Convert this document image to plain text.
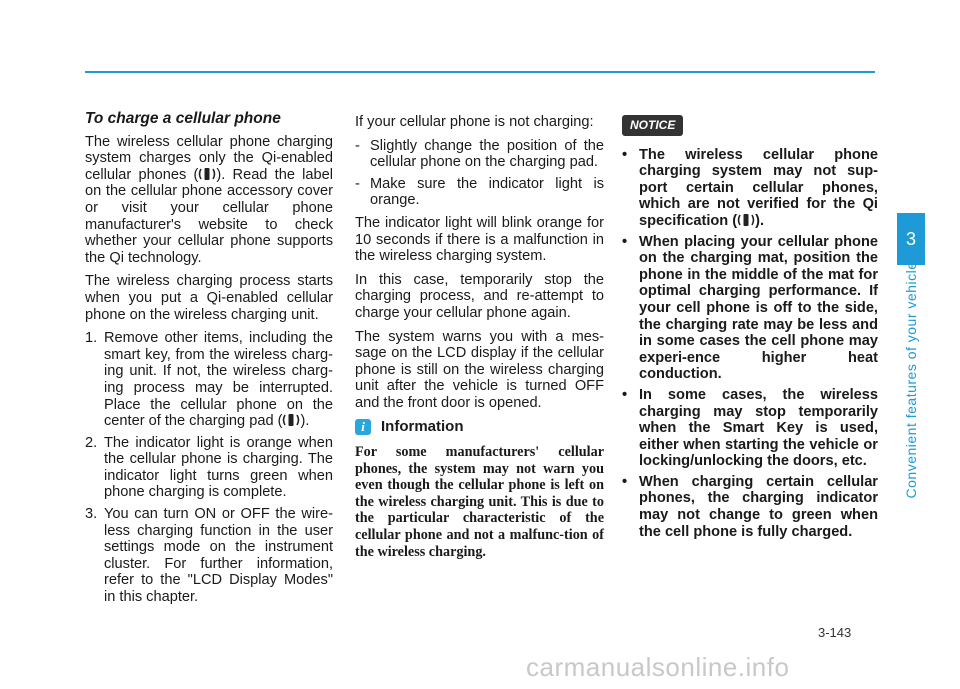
To charge a cellular phone

The wireless cellular phone charging system charges only the Qi-enabled cellular phones ( ). Read the label on the cellular phone accessory cover or visit your cellular phone manufacturer's website to check whether your cellular phone supports the Qi technology.

The wireless charging process starts when you put a Qi-enabled cellular phone on the wireless charging unit.

1. Remove other items, including the smart key, from the wireless charg-ing unit. If not, the wireless charg-ing process may be interrupted. Place the cellular phone on the center of the charging pad ( ).
2. The indicator light is orange when the cellular phone is charging. The indicator light turns green when phone charging is complete.
3. You can turn ON or OFF the wire-less charging function in the user settings mode on the instrument cluster. For further information, refer to the "LCD Display Modes" in this chapter.

If your cellular phone is not charging:

- Slightly change the position of the cellular phone on the charging pad.
- Make sure the indicator light is orange.

The indicator light will blink orange for 10 seconds if there is a malfunction in the wireless charging system.

In this case, temporarily stop the charging process, and re-attempt to charge your cellular phone again.

The system warns you with a mes-sage on the LCD display if the cellular phone is still on the wireless charging unit after the vehicle is turned OFF and the front door is opened.

i	Information

For some manufacturers' cellular phones, the system may not warn you even though the cellular phone is left on the wireless charging unit. This is due to the particular characteristic of the cellular phone and not a malfunc-tion of the wireless charging.

NOTICE
• The wireless cellular phone charging system may not sup-port certain cellular phones, which are not verified for the Qi specification ( ).
• When placing your cellular phone on the charging mat, position the phone in the middle of the mat for optimal charging performance. If your cell phone is off to the side, the charging rate may be less and in some cases the cell phone may experi-ence higher heat conduction.
• In some cases, the wireless charging may stop temporarily when the Smart Key is used, either when starting the vehicle or locking/unlocking the doors, etc.
• When charging certain cellular phones, the charging indicator may not change to green when the cell phone is fully charged.
3
Convenient features of your vehicle
3-143
carmanualsonline.info
